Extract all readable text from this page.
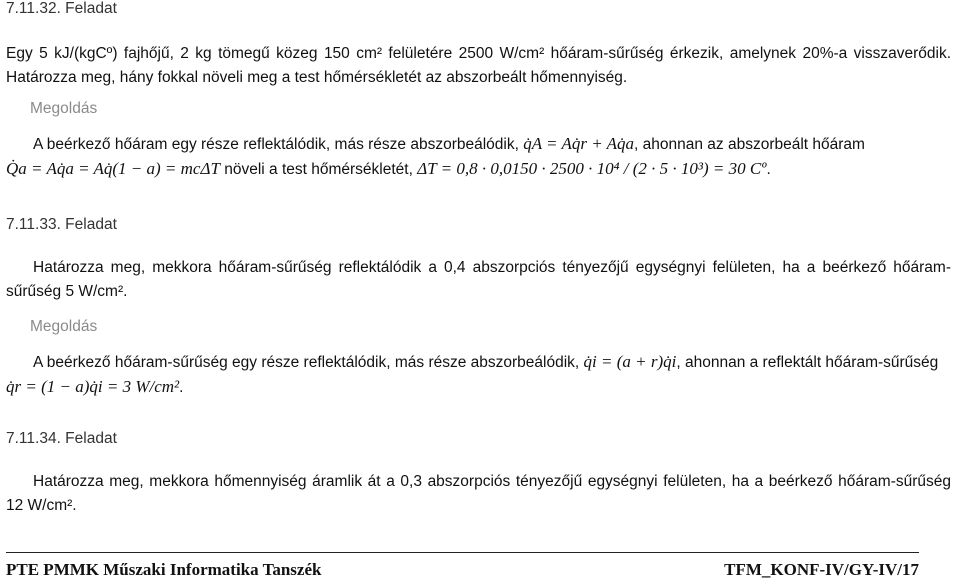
7.11.32. Feladat
Egy 5 kJ/(kgCº) fajhőjű, 2 kg tömegű közeg 150 cm² felületére 2500 W/cm² hőáram-sűrűség érkezik, amelynek 20%-a visszaverődik. Határozza meg, hány fokkal növeli meg a test hőmérsékletét az abszorbeált hőmennyiség.
Megoldás
A beérkező hőáram egy része reflektálódik, más része abszorbeálódik, q̇A = Aq̇r + Aq̇a, ahonnan az abszorbeált hőáram Q̇a = Aq̇a = Aq̇(1 − a) = mcΔT növeli a test hőmérsékletét, ΔT = 0,8 · 0,0150 · 2500 · 10⁴ / (2 · 5 · 10³) = 30 Cº.
7.11.33. Feladat
Határozza meg, mekkora hőáram-sűrűség reflektálódik a 0,4 abszorpciós tényezőjű egységnyi felületen, ha a beérkező hőáram-sűrűség 5 W/cm².
Megoldás
A beérkező hőáram-sűrűség egy része reflektálódik, más része abszorbeálódik, q̇i = (a + r)q̇i, ahonnan a reflektált hőáram-sűrűség q̇r = (1 − a)q̇i = 3 W/cm².
7.11.34. Feladat
Határozza meg, mekkora hőmennyiség áramlik át a 0,3 abszorpciós tényezőjű egységnyi felületen, ha a beérkező hőáram-sűrűség 12 W/cm².
PTE PMMK Műszaki Informatika Tanszék	TFM_KONF-IV/GY-IV/17
